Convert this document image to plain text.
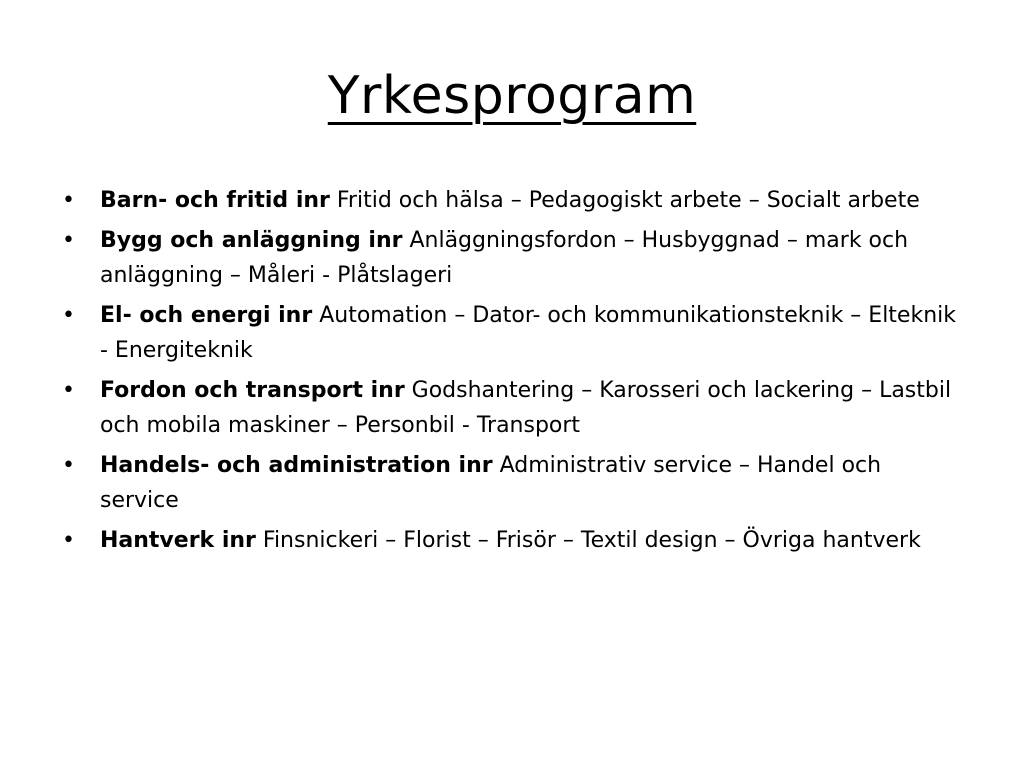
Yrkesprogram
•	Barn- och fritid inr Fritid och hälsa – Pedagogiskt arbete – Socialt arbete
•	Bygg och anläggning inr Anläggningsfordon – Husbyggnad – mark och anläggning – Måleri - Plåtslageri
•	El- och energi inr Automation – Dator- och kommunikationsteknik – Elteknik - Energiteknik
•	Fordon och transport inr Godshantering – Karosseri och lackering – Lastbil och mobila maskiner – Personbil - Transport
•	Handels- och administration inr Administrativ service – Handel och service
•	Hantverk inr Finsnickeri – Florist – Frisör – Textil design – Övriga hantverk
